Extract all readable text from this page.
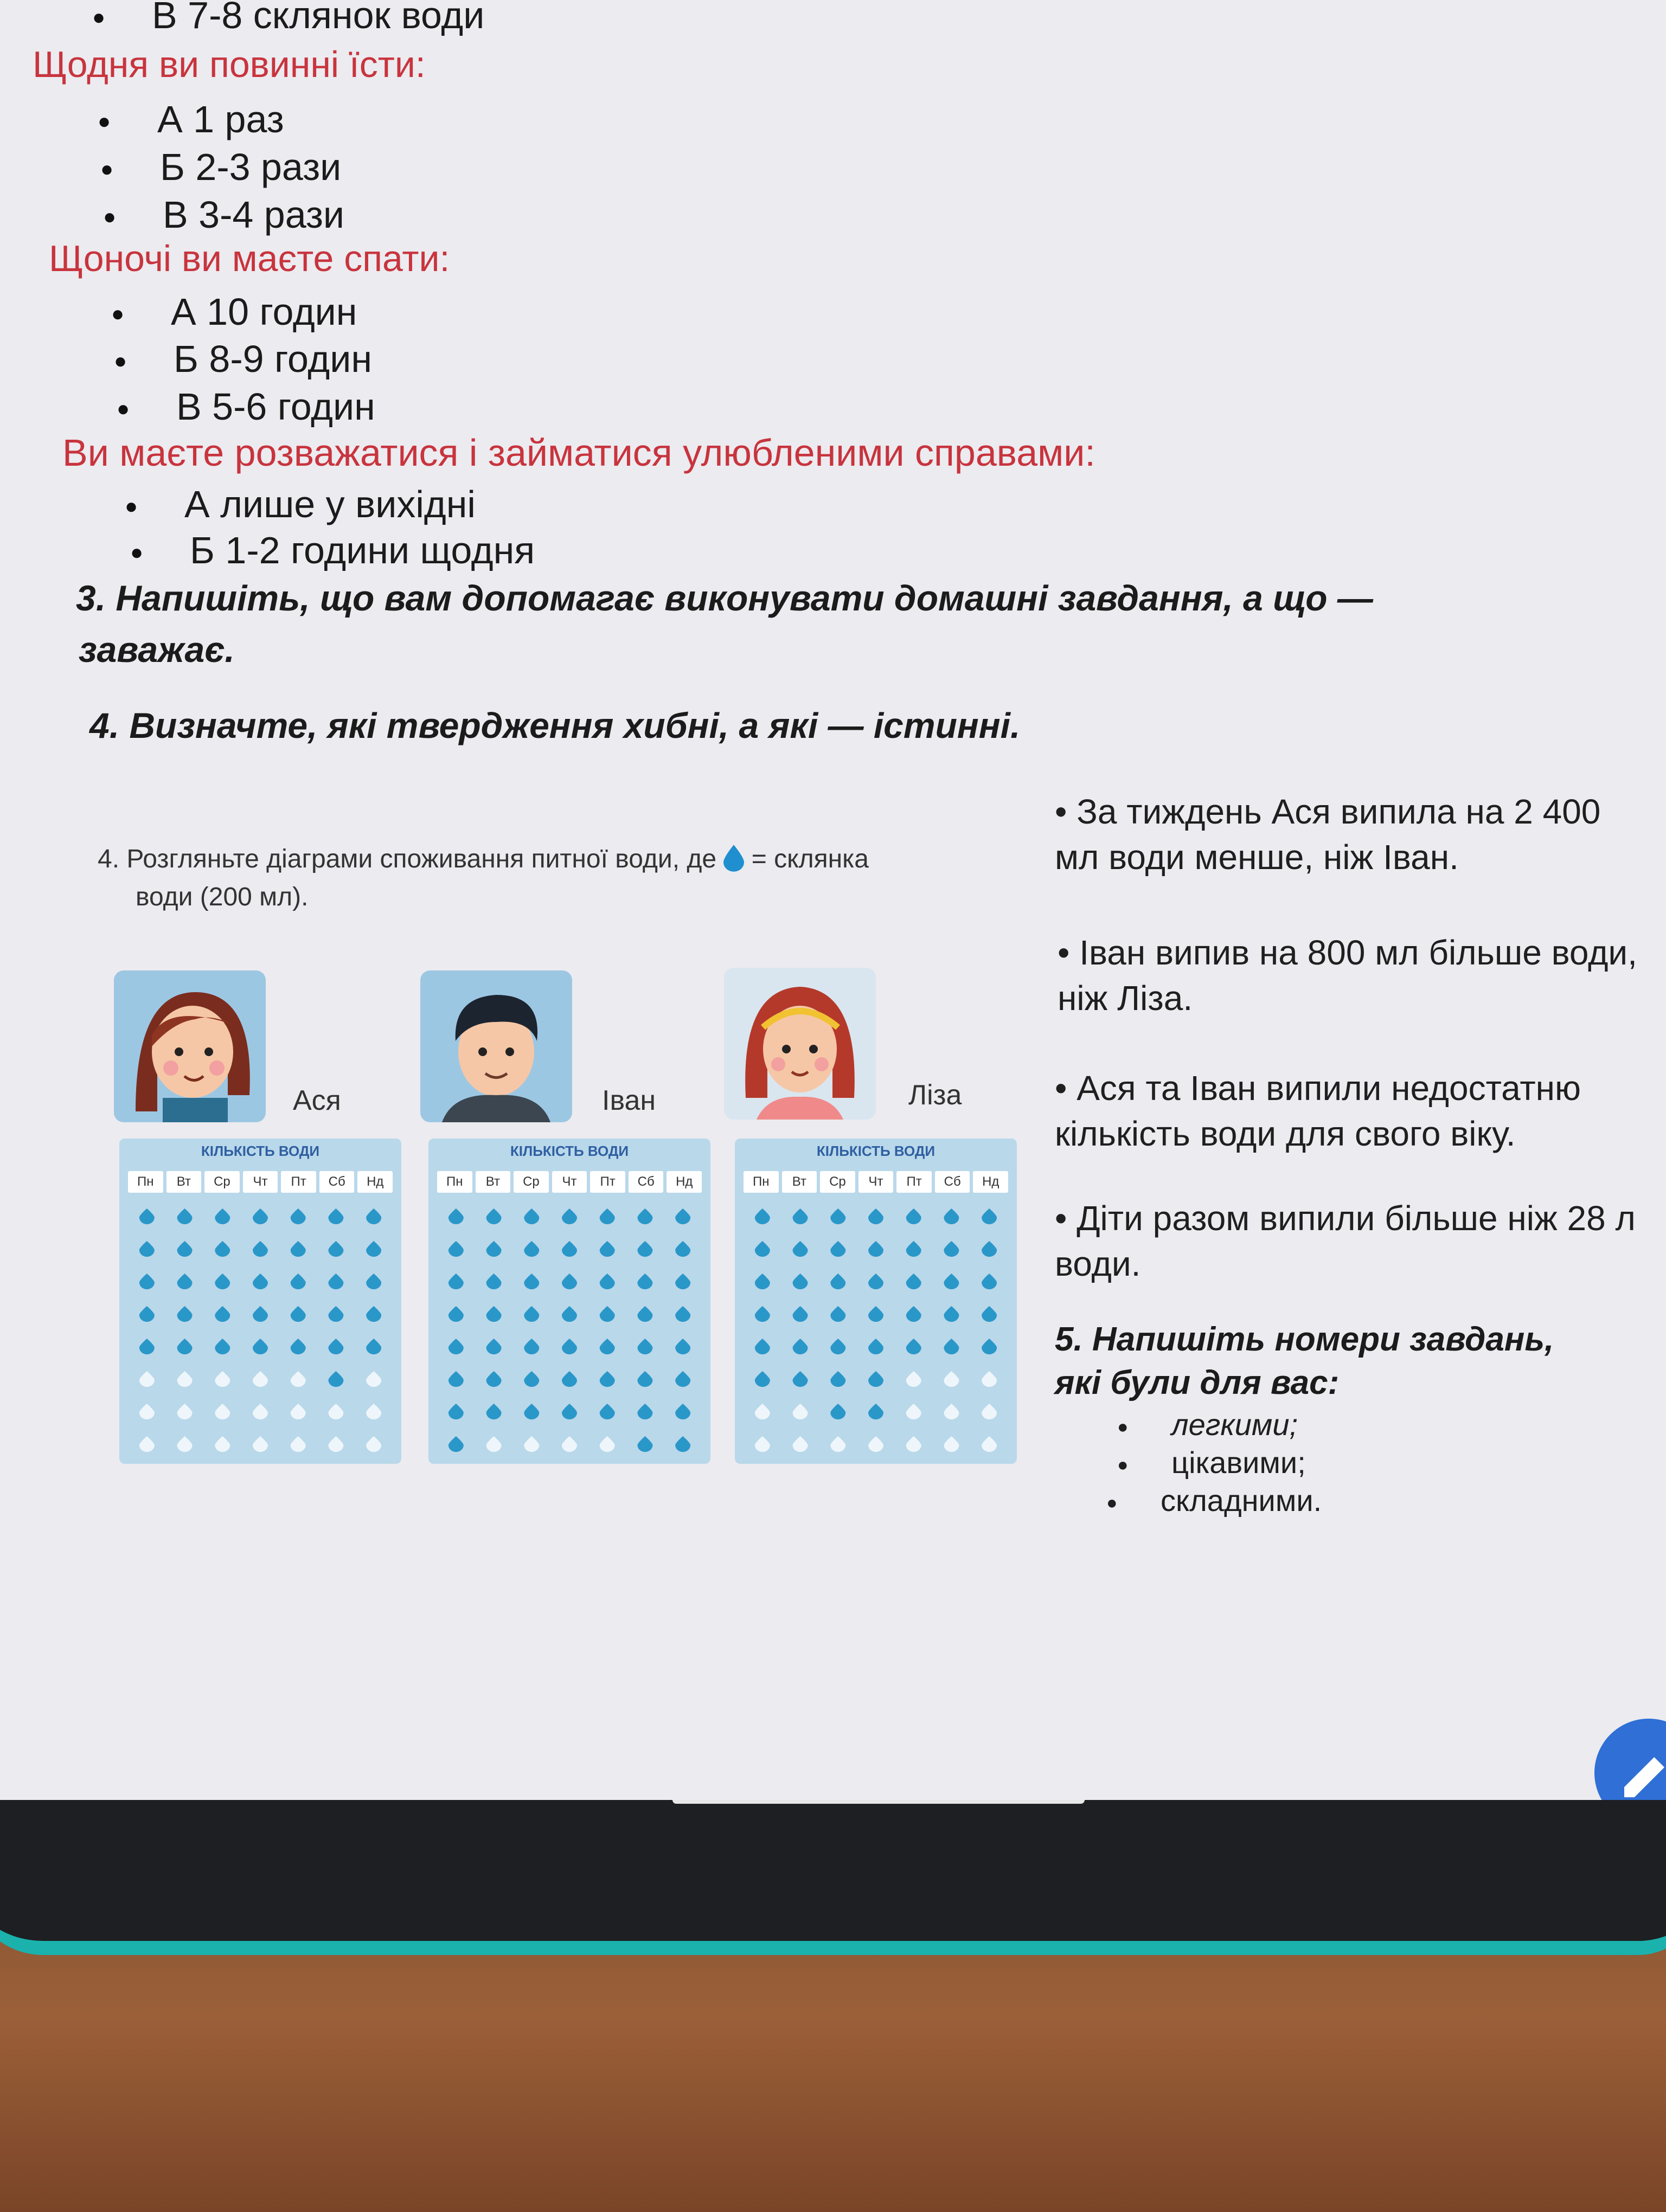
● В 7-8 склянок води
Щодня ви повинні їсти:
● А 1 раз
● Б 2-3 рази
● В 3-4 рази
Щоночі ви маєте спати:
● А 10 годин
● Б 8-9 годин
● В 5-6 годин
Ви маєте розважатися і займатися улюбленими справами:
● А лише у вихідні
● Б 1-2 години щодня
3. Напишіть, що вам допомагає виконувати домашні завдання, а що —
заважає.
4. Визначте, які твердження хибні, а які — істинні.
4. Розгляньте діаграми споживання питної води, де = склянка
води (200 мл).
Ася	Іван	Ліза
КІЛЬКІСТЬ ВОДИ
Пн	Вт	Ср	Чт	Пт	Сб	Нд
КІЛЬКІСТЬ ВОДИ
Пн	Вт	Ср	Чт	Пт	Сб	Нд
КІЛЬКІСТЬ ВОДИ
Пн	Вт	Ср	Чт	Пт	Сб	Нд
• За тиждень Ася випила на 2 400 мл води менше, ніж Іван.
• Іван випив на 800 мл більше води, ніж Ліза.
• Ася та Іван випили недостатню кількість води для свого віку.
• Діти разом випили більше ніж 28 л води.
5. Напишіть номери завдань,
які були для вас:
● легкими;
● цікавими;
● складними.
